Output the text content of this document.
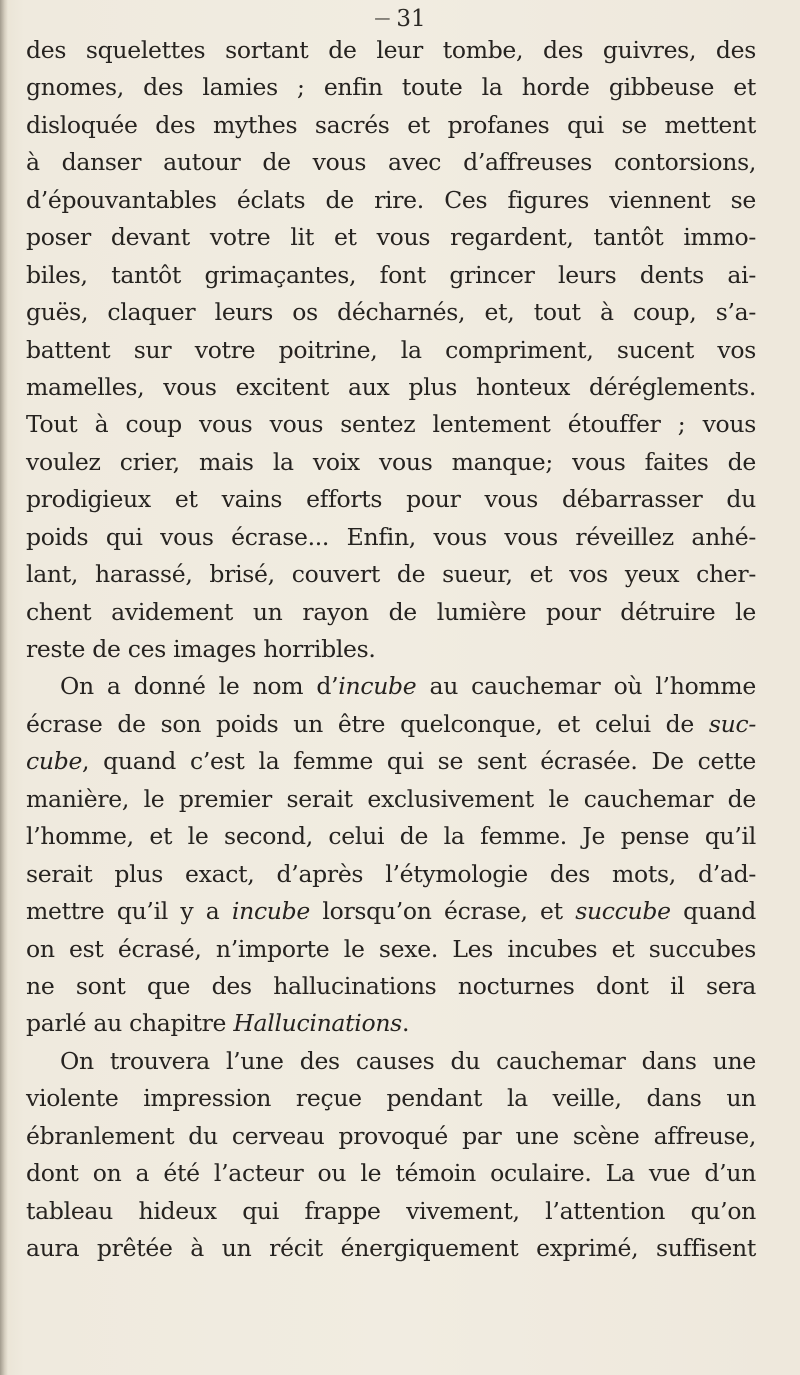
— 31
des squelettes sortant de leur tombe, des guivres, des
gnomes, des lamies ; enfin toute la horde gibbeuse et
disloquée des mythes sacrés et profanes qui se mettent
à danser autour de vous avec d’affreuses contorsions,
d’épouvantables éclats de rire. Ces figures viennent se
poser devant votre lit et vous regardent, tantôt immo-
biles, tantôt grimaçantes, font grincer leurs dents ai-
guës, claquer leurs os décharnés, et, tout à coup, s’a-
battent sur votre poitrine, la compriment, sucent vos
mamelles, vous excitent aux plus honteux déréglements.
Tout à coup vous vous sentez lentement étouffer ; vous
voulez crier, mais la voix vous manque; vous faites de
prodigieux et vains efforts pour vous débarrasser du
poids qui vous écrase... Enfin, vous vous réveillez anhé-
lant, harassé, brisé, couvert de sueur, et vos yeux cher-
chent avidement un rayon de lumière pour détruire le
reste de ces images horribles.
On a donné le nom d’incube au cauchemar où l’homme
écrase de son poids un être quelconque, et celui de suc-
cube, quand c’est la femme qui se sent écrasée. De cette
manière, le premier serait exclusivement le cauchemar de
l’homme, et le second, celui de la femme. Je pense qu’il
serait plus exact, d’après l’étymologie des mots, d’ad-
mettre qu’il y a incube lorsqu’on écrase, et succube quand
on est écrasé, n’importe le sexe. Les incubes et succubes
ne sont que des hallucinations nocturnes dont il sera
parlé au chapitre Hallucinations.
On trouvera l’une des causes du cauchemar dans une
violente impression reçue pendant la veille, dans un
ébranlement du cerveau provoqué par une scène affreuse,
dont on a été l’acteur ou le témoin oculaire. La vue d’un
tableau hideux qui frappe vivement, l’attention qu’on
aura prêtée à un récit énergiquement exprimé, suffisent
